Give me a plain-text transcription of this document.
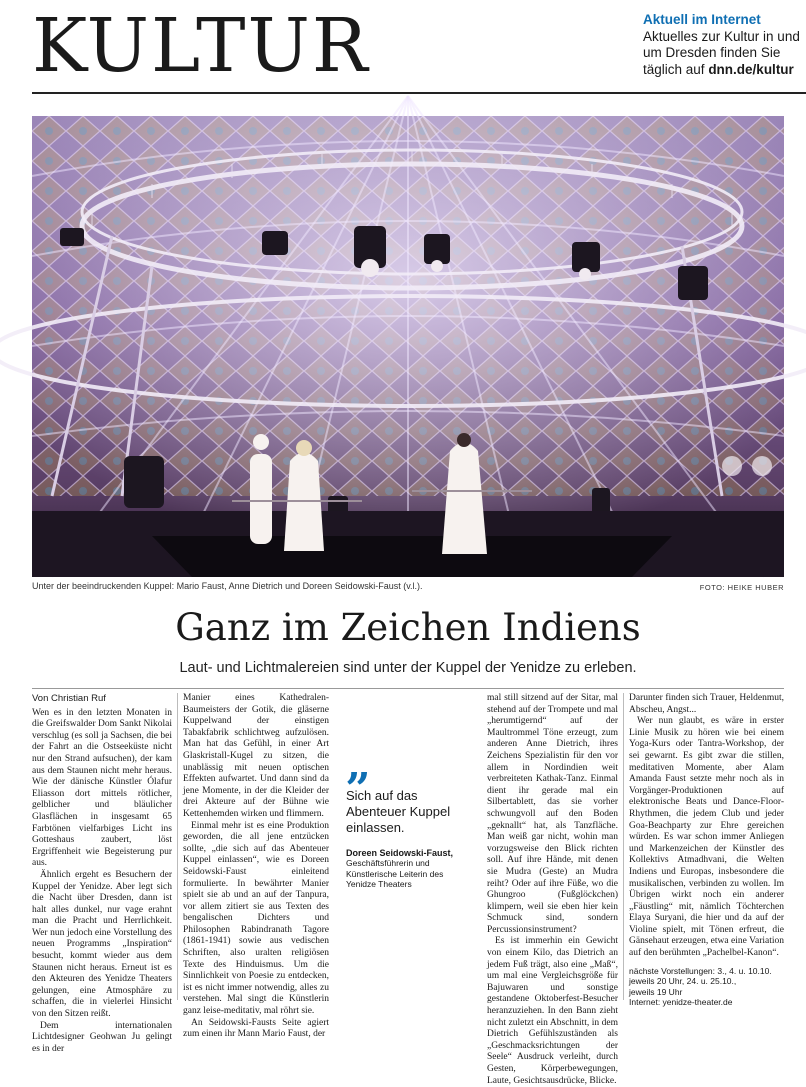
KULTUR	Aktuell im Internet
Aktuelles zur Kultur in und um Dresden finden Sie täglich auf dnn.de/kultur
Unter der beeindruckenden Kuppel: Mario Faust, Anne Dietrich und Doreen Seidowski-Faust (v.l.).	FOTO: HEIKE HUBER
Ganz im Zeichen Indiens

Laut- und Lichtmalereien sind unter der Kuppel der Yenidze zu erleben.

Von Christian Ruf

Wen es in den letzten Monaten in die Greifswalder Dom Sankt Nikolai verschlug (es soll ja Sachsen, die bei der Fahrt an die Ostseeküste nicht nur den Strand aufsuchen), der kam aus dem Staunen nicht mehr heraus. Wie der dänische Künstler Ólafur Eliasson dort mittels rötlicher, gelblicher und bläulicher Glasflächen in insgesamt 65 Farbtönen vielfarbiges Licht ins Gotteshaus zaubert, löst Ergriffenheit wie Begeisterung pur aus.

Ähnlich ergeht es Besuchern der Kuppel der Yenidze. Aber legt sich die Nacht über Dresden, dann ist halt alles dunkel, nur vage erahnt man die Pracht und Herrlichkeit. Wer nun jedoch eine Vorstellung des neuen Programms „Inspiration“ besucht, kommt wieder aus dem Staunen nicht heraus. Erneut ist es den Akteuren des Yenidze Theaters gelungen, eine Atmosphäre zu schaffen, die in vielerlei Hinsicht von den Sitzen reißt.

Dem internationalen Lichtdesigner Geohwan Ju gelingt es in der

Manier eines Kathedralen-Baumeisters der Gotik, die gläserne Kuppelwand der einstigen Tabakfabrik schlichtweg aufzulösen. Man hat das Gefühl, in einer Art Glaskristall-Kugel zu sitzen, die unablässig mit neuen optischen Effekten aufwartet. Und dann sind da jene Momente, in der die Kleider der drei Akteure auf der Bühne wie Kettenhemden wirken und flimmern.

Einmal mehr ist es eine Produktion geworden, die all jene entzücken sollte, „die sich auf das Abenteuer Kuppel einlassen“, wie es Doreen Seidowski-Faust einleitend formulierte. In bewährter Manier spielt sie ab und an auf der Tanpura, vor allem zitiert sie aus Texten des bengalischen Dichters und Philosophen Rabindranath Tagore (1861-1941) sowie aus vedischen Schriften, also uralten religiösen Texte des Hinduismus. Um die Sinnlichkeit von Poesie zu entdecken, ist es nicht immer notwendig, alles zu verstehen. Mal singt die Künstlerin ganz leise-meditativ, mal röhrt sie.

An Seidowski-Fausts Seite agiert zum einen ihr Mann Mario Faust, der

„
Sich auf das Abenteuer Kuppel einlassen.
Doreen Seidowski-Faust,
Geschäftsführerin und Künstlerische Leiterin des Yenidze Theaters

mal still sitzend auf der Sitar, mal stehend auf der Trompete und mal „herumtigernd“ auf der Maultrommel Töne erzeugt, zum anderen Anne Dietrich, ihres Zeichens Spezialistin für den vor allem in Nordindien weit verbreiteten Kathak-Tanz. Einmal dient ihr gerade mal ein Silbertablett, das sie vorher schwungvoll auf den Boden „geknallt“ hat, als Tanzfläche. Man weiß gar nicht, wohin man vorzugsweise den Blick richten soll. Auf ihre Hände, mit denen sie Mudra (Geste) an Mudra reiht? Oder auf ihre Füße, wo die Ghungroo (Fußglöckchen) klimpern, weil sie eben hier kein Schmuck sind, sondern Percussionsinstrument?

Es ist immerhin ein Gewicht von einem Kilo, das Dietrich an jedem Fuß trägt, also eine „Maß“, um mal eine Vergleichsgröße für Bajuwaren und sonstige gestandene Oktoberfest-Besucher heranzuziehen. In den Bann zieht nicht zuletzt ein Abschnitt, in dem Dietrich Gefühlszuständen als „Geschmacksrichtungen der Seele“ Ausdruck verleiht, durch Gesten, Körperbewegungen, Laute, Gesichtsausdrücke, Blicke.

Darunter finden sich Trauer, Heldenmut, Abscheu, Angst...

Wer nun glaubt, es wäre in erster Linie Musik zu hören wie bei einem Yoga-Kurs oder Tantra-Workshop, der sei gewarnt. Es gibt zwar die stillen, meditativen Momente, aber Alam Amanda Faust setzte mehr noch als in Vorgänger-Produktionen auf elektronische Beats und Dance-Floor-Rhythmen, die jedem Club und jeder Goa-Beachparty zur Ehre gereichen würden. Es war schon immer Anliegen und Markenzeichen der Künstler des Kollektivs Atmadhvani, die Welten Indiens und Europas, insbesondere die musikalischen, verbinden zu wollen. Im Übrigen wirkt noch ein anderer „Fäustling“ mit, nämlich Töchterchen Elaya Suryani, die hier und da auf der Violine spielt, mit Tönen erfreut, die Gänsehaut erzeugen, etwa eine Variation auf den berühmten „Pachelbel-Kanon“.

nächste Vorstellungen: 3., 4. u. 10.10.
jeweils 20 Uhr, 24. u. 25.10.,
jeweils 19 Uhr
Internet: yenidze-theater.de
